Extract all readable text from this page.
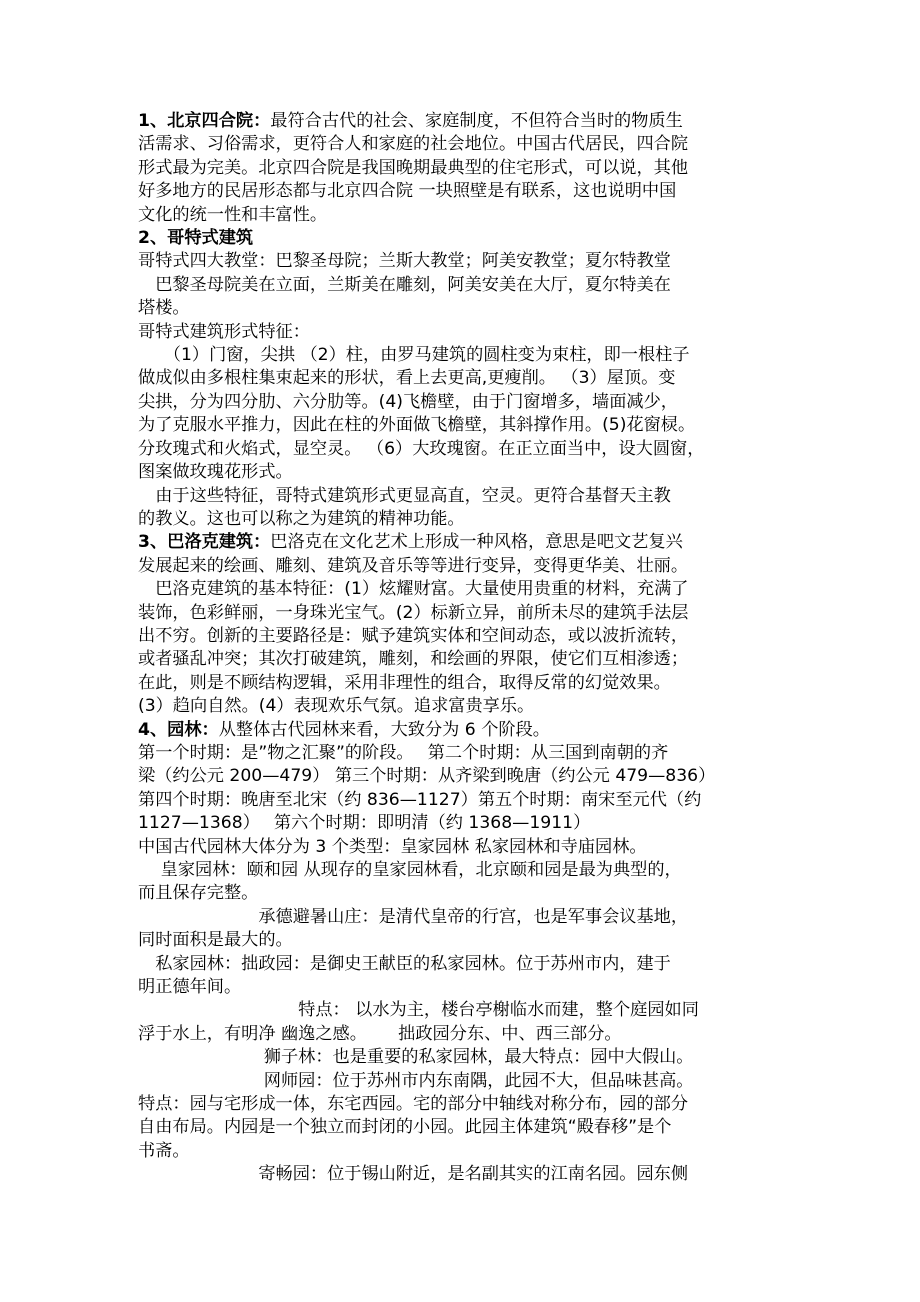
1、北京四合院：最符合古代的社会、家庭制度，不但符合当时的物质生
活需求、习俗需求，更符合人和家庭的社会地位。中国古代居民，四合院
形式最为完美。北京四合院是我国晚期最典型的住宅形式，可以说，其他
好多地方的民居形态都与北京四合院 一块照壁是有联系，这也说明中国
文化的统一性和丰富性。
2、哥特式建筑
哥特式四大教堂：巴黎圣母院；兰斯大教堂；阿美安教堂；夏尔特教堂
　巴黎圣母院美在立面，兰斯美在雕刻，阿美安美在大厅，夏尔特美在
塔楼。
哥特式建筑形式特征：
　　（1）门窗，尖拱 （2）柱，由罗马建筑的圆柱变为束柱，即一根柱子
做成似由多根柱集束起来的形状，看上去更高,更瘦削。 （3）屋顶。变
尖拱，分为四分肋、六分肋等。(4)飞檐壁，由于门窗增多，墙面减少，
为了克服水平推力，因此在柱的外面做飞檐壁，其斜撑作用。(5)花窗棂。
分玫瑰式和火焰式，显空灵。 （6）大玫瑰窗。在正立面当中，设大圆窗，
图案做玫瑰花形式。
　由于这些特征，哥特式建筑形式更显高直，空灵。更符合基督天主教
的教义。这也可以称之为建筑的精神功能。
3、巴洛克建筑：巴洛克在文化艺术上形成一种风格，意思是吧文艺复兴
发展起来的绘画、雕刻、建筑及音乐等等进行变异，变得更华美、壮丽。
　巴洛克建筑的基本特征：(1）炫耀财富。大量使用贵重的材料，充满了
装饰，色彩鲜丽，一身珠光宝气。(2）标新立异，前所未尽的建筑手法层
出不穷。创新的主要路径是：赋予建筑实体和空间动态，或以波折流转，
或者骚乱冲突；其次打破建筑，雕刻，和绘画的界限，使它们互相渗透；
在此，则是不顾结构逻辑，采用非理性的组合，取得反常的幻觉效果。
(3）趋向自然。(4）表现欢乐气氛。追求富贵享乐。
4、园林：从整体古代园林来看，大致分为 6 个阶段。
第一个时期：是”物之汇聚”的阶段。　 第二个时期：从三国到南朝的齐
梁（约公元 200—479） 第三个时期：从齐梁到晚唐（约公元 479—836）
第四个时期：晚唐至北宋（约 836—1127）第五个时期：南宋至元代（约
1127—1368）　 第六个时期：即明清（约 1368—1911）
中国古代园林大体分为 3 个类型：皇家园林 私家园林和寺庙园林。
　 皇家园林：颐和园 从现存的皇家园林看，北京颐和园是最为典型的，
而且保存完整。
　　　　　　　承德避暑山庄：是清代皇帝的行宫，也是军事会议基地，
同时面积是最大的。
　私家园林：拙政园：是御史王献臣的私家园林。位于苏州市内，建于
明正德年间。
　　　　　　　　　 特点： 以水为主，楼台亭榭临水而建，整个庭园如同
浮于水上，有明净 幽逸之感。　　 拙政园分东、中、西三部分。
　　　　　　　 狮子林：也是重要的私家园林，最大特点：园中大假山。
　　　　　　　 网师园：位于苏州市内东南隅，此园不大，但品味甚高。
特点：园与宅形成一体，东宅西园。宅的部分中轴线对称分布，园的部分
自由布局。内园是一个独立而封闭的小园。此园主体建筑“殿春移”是个
书斋。
　　　　　　　寄畅园：位于锡山附近，是名副其实的江南名园。园东侧
